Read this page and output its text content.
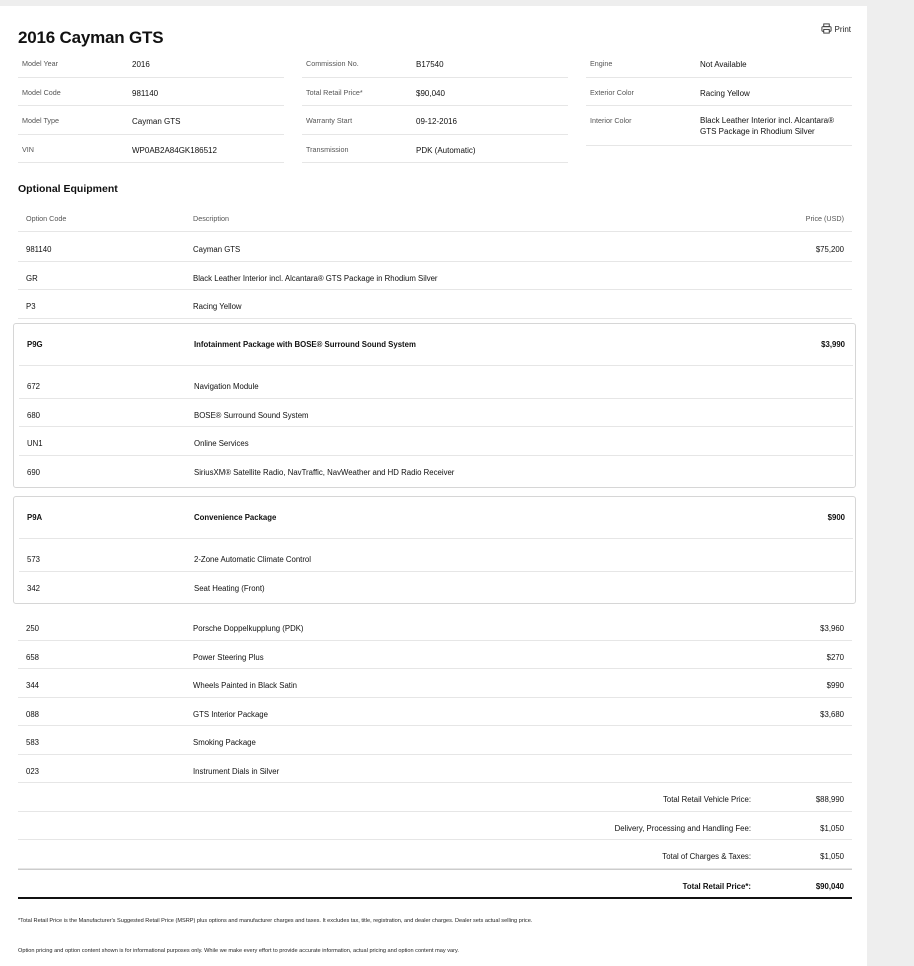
2016 Cayman GTS	Print
Model Year	2016
Model Code	981140
Model Type	Cayman GTS
VIN	WP0AB2A84GK186512
Commission No.	B17540
Total Retail Price*	$90,040
Warranty Start	09-12-2016
Transmission	PDK (Automatic)
Engine	Not Available
Exterior Color	Racing Yellow
Interior Color	Black Leather Interior incl. Alcantara® GTS Package in Rhodium Silver
Optional Equipment
Option Code	Description	Price (USD)
981140	Cayman GTS	$75,200
GR	Black Leather Interior incl. Alcantara® GTS Package in Rhodium Silver
P3	Racing Yellow
P9G	Infotainment Package with BOSE® Surround Sound System	$3,990
672	Navigation Module
680	BOSE® Surround Sound System
UN1	Online Services
690	SiriusXM® Satellite Radio, NavTraffic, NavWeather and HD Radio Receiver
P9A	Convenience Package	$900
573	2-Zone Automatic Climate Control
342	Seat Heating (Front)
250	Porsche Doppelkupplung (PDK)	$3,960
658	Power Steering Plus	$270
344	Wheels Painted in Black Satin	$990
088	GTS Interior Package	$3,680
583	Smoking Package
023	Instrument Dials in Silver
Total Retail Vehicle Price:	$88,990
Delivery, Processing and Handling Fee:	$1,050
Total of Charges & Taxes:	$1,050
Total Retail Price*:	$90,040
*Total Retail Price is the Manufacturer's Suggested Retail Price (MSRP) plus options and manufacturer charges and taxes. It excludes tax, title, registration, and dealer charges. Dealer sets actual selling price.
Option pricing and option content shown is for informational purposes only. While we make every effort to provide accurate information, actual pricing and option content may vary.
